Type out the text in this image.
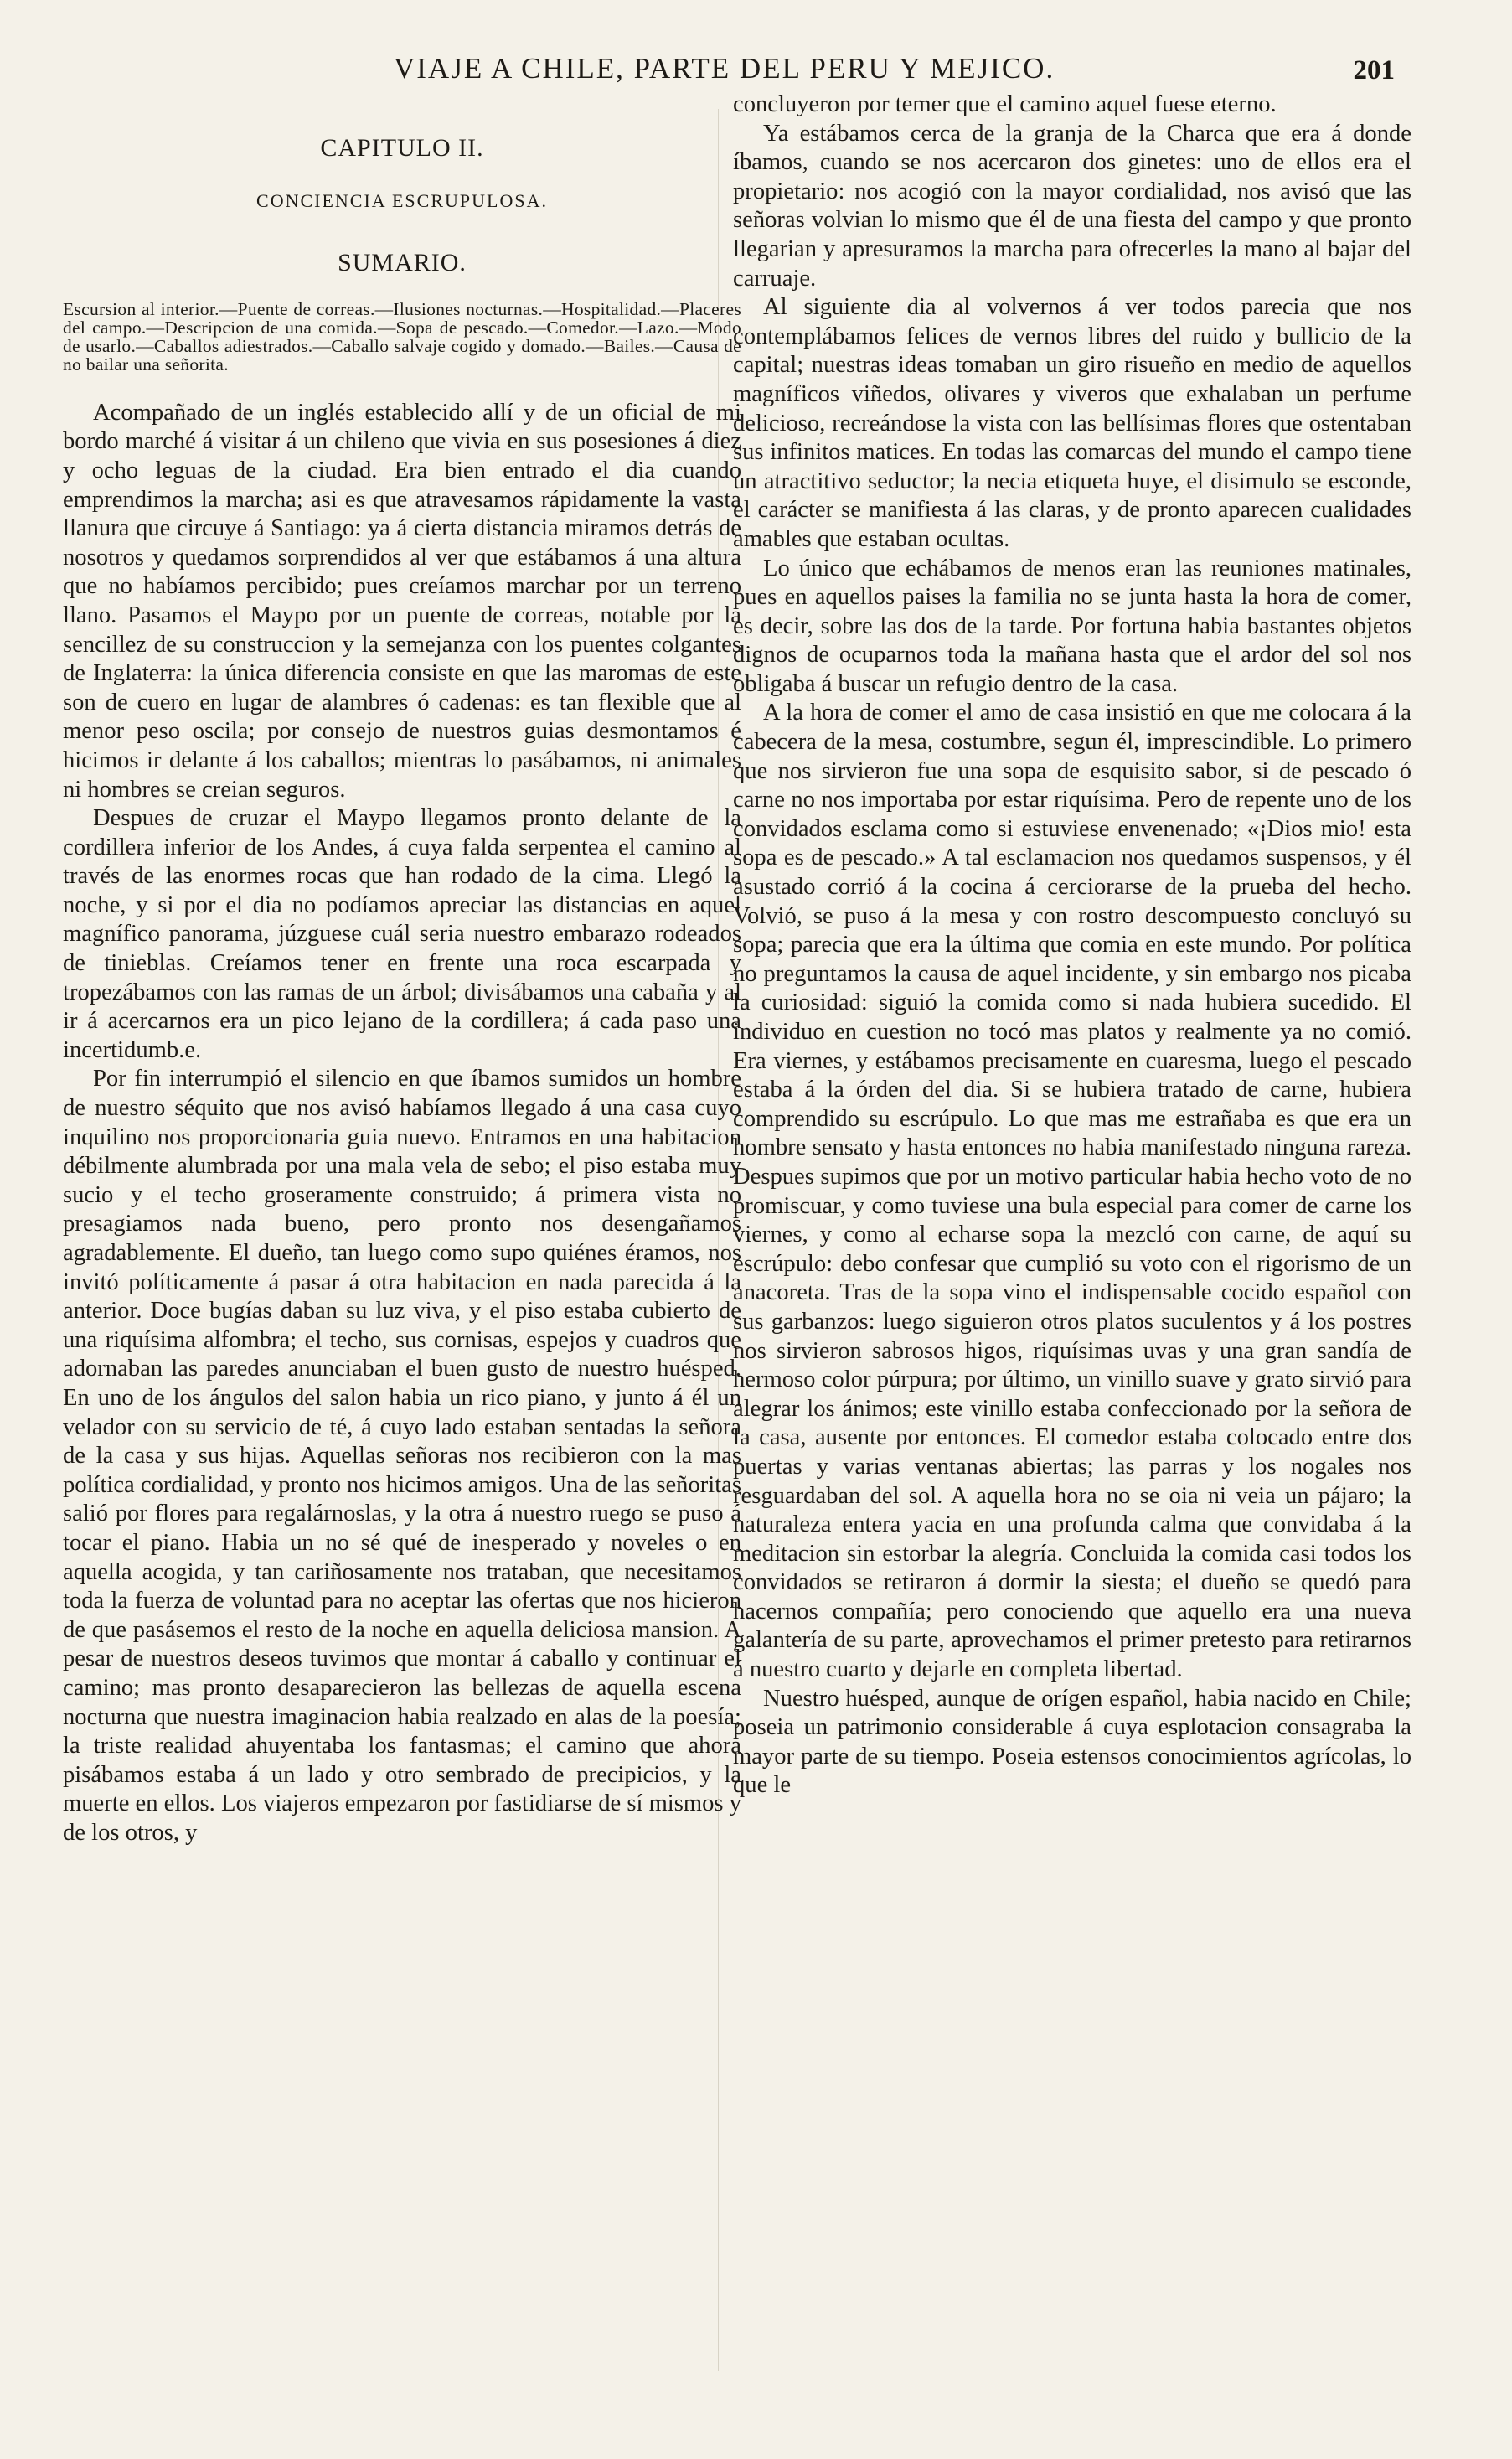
VIAJE A CHILE, PARTE DEL PERU Y MEJICO.	201
CAPITULO II.
CONCIENCIA ESCRUPULOSA.
SUMARIO.

Escursion al interior.—Puente de correas.—Ilusiones nocturnas.—Hospitalidad.—Placeres del campo.—Descripcion de una comida.—Sopa de pescado.—Comedor.—Lazo.—Modo de usarlo.—Caballos adiestrados.—Caballo salvaje cogido y domado.—Bailes.—Causa de no bailar una señorita.

Acompañado de un inglés establecido allí y de un oficial de mi bordo marché á visitar á un chileno que vivia en sus posesiones á diez y ocho leguas de la ciudad. Era bien entrado el dia cuando emprendimos la marcha; asi es que atravesamos rápidamente la vasta llanura que circuye á Santiago: ya á cierta distancia miramos detrás de nosotros y quedamos sorprendidos al ver que estábamos á una altura que no habíamos percibido; pues creíamos marchar por un terreno llano. Pasamos el Maypo por un puente de correas, notable por la sencillez de su construccion y la semejanza con los puentes colgantes de Inglaterra: la única diferencia consiste en que las maromas de este son de cuero en lugar de alambres ó cadenas: es tan flexible que al menor peso oscila; por consejo de nuestros guias desmontamos é hicimos ir delante á los caballos; mientras lo pasábamos, ni animales ni hombres se creian seguros.

Despues de cruzar el Maypo llegamos pronto delante de la cordillera inferior de los Andes, á cuya falda serpentea el camino al través de las enormes rocas que han rodado de la cima. Llegó la noche, y si por el dia no podíamos apreciar las distancias en aquel magnífico panorama, júzguese cuál seria nuestro embarazo rodeados de tinieblas. Creíamos tener en frente una roca escarpada y tropezábamos con las ramas de un árbol; divisábamos una cabaña y al ir á acercarnos era un pico lejano de la cordillera; á cada paso una incertidumb.e.

Por fin interrumpió el silencio en que íbamos sumidos un hombre de nuestro séquito que nos avisó habíamos llegado á una casa cuyo inquilino nos proporcionaria guia nuevo. Entramos en una habitacion débilmente alumbrada por una mala vela de sebo; el piso estaba muy sucio y el techo groseramente construido; á primera vista no presagiamos nada bueno, pero pronto nos desengañamos agradablemente. El dueño, tan luego como supo quiénes éramos, nos invitó políticamente á pasar á otra habitacion en nada parecida á la anterior. Doce bugías daban su luz viva, y el piso estaba cubierto de una riquísima alfombra; el techo, sus cornisas, espejos y cuadros que adornaban las paredes anunciaban el buen gusto de nuestro huésped. En uno de los ángulos del salon habia un rico piano, y junto á él un velador con su servicio de té, á cuyo lado estaban sentadas la señora de la casa y sus hijas. Aquellas señoras nos recibieron con la mas política cordialidad, y pronto nos hicimos amigos. Una de las señoritas salió por flores para regalárnoslas, y la otra á nuestro ruego se puso á tocar el piano. Habia un no sé qué de inesperado y noveles o en aquella acogida, y tan cariñosamente nos trataban, que necesitamos toda la fuerza de voluntad para no aceptar las ofertas que nos hicieron de que pasásemos el resto de la noche en aquella deliciosa mansion. A pesar de nuestros deseos tuvimos que montar á caballo y continuar el camino; mas pronto desaparecieron las bellezas de aquella escena nocturna que nuestra imaginacion habia realzado en alas de la poesía; la triste realidad ahuyentaba los fantasmas; el camino que ahora pisábamos estaba á un lado y otro sembrado de precipicios, y la muerte en ellos. Los viajeros empezaron por fastidiarse de sí mismos y de los otros, y

concluyeron por temer que el camino aquel fuese eterno.

Ya estábamos cerca de la granja de la Charca que era á donde íbamos, cuando se nos acercaron dos ginetes: uno de ellos era el propietario: nos acogió con la mayor cordialidad, nos avisó que las señoras volvian lo mismo que él de una fiesta del campo y que pronto llegarian y apresuramos la marcha para ofrecerles la mano al bajar del carruaje.

Al siguiente dia al volvernos á ver todos parecia que nos contemplábamos felices de vernos libres del ruido y bullicio de la capital; nuestras ideas tomaban un giro risueño en medio de aquellos magníficos viñedos, olivares y viveros que exhalaban un perfume delicioso, recreándose la vista con las bellísimas flores que ostentaban sus infinitos matices. En todas las comarcas del mundo el campo tiene un atractitivo seductor; la necia etiqueta huye, el disimulo se esconde, el carácter se manifiesta á las claras, y de pronto aparecen cualidades amables que estaban ocultas.

Lo único que echábamos de menos eran las reuniones matinales, pues en aquellos paises la familia no se junta hasta la hora de comer, es decir, sobre las dos de la tarde. Por fortuna habia bastantes objetos dignos de ocuparnos toda la mañana hasta que el ardor del sol nos obligaba á buscar un refugio dentro de la casa.

A la hora de comer el amo de casa insistió en que me colocara á la cabecera de la mesa, costumbre, segun él, imprescindible. Lo primero que nos sirvieron fue una sopa de esquisito sabor, si de pescado ó carne no nos importaba por estar riquísima. Pero de repente uno de los convidados esclama como si estuviese envenenado; «¡Dios mio! esta sopa es de pescado.» A tal esclamacion nos quedamos suspensos, y él asustado corrió á la cocina á cerciorarse de la prueba del hecho. Volvió, se puso á la mesa y con rostro descompuesto concluyó su sopa; parecia que era la última que comia en este mundo. Por política no preguntamos la causa de aquel incidente, y sin embargo nos picaba la curiosidad: siguió la comida como si nada hubiera sucedido. El individuo en cuestion no tocó mas platos y realmente ya no comió. Era viernes, y estábamos precisamente en cuaresma, luego el pescado estaba á la órden del dia. Si se hubiera tratado de carne, hubiera comprendido su escrúpulo. Lo que mas me estrañaba es que era un hombre sensato y hasta entonces no habia manifestado ninguna rareza. Despues supimos que por un motivo particular habia hecho voto de no promiscuar, y como tuviese una bula especial para comer de carne los viernes, y como al echarse sopa la mezcló con carne, de aquí su escrúpulo: debo confesar que cumplió su voto con el rigorismo de un anacoreta. Tras de la sopa vino el indispensable cocido español con sus garbanzos: luego siguieron otros platos suculentos y á los postres nos sirvieron sabrosos higos, riquísimas uvas y una gran sandía de hermoso color púrpura; por último, un vinillo suave y grato sirvió para alegrar los ánimos; este vinillo estaba confeccionado por la señora de la casa, ausente por entonces. El comedor estaba colocado entre dos puertas y varias ventanas abiertas; las parras y los nogales nos resguardaban del sol. A aquella hora no se oia ni veia un pájaro; la naturaleza entera yacia en una profunda calma que convidaba á la meditacion sin estorbar la alegría. Concluida la comida casi todos los convidados se retiraron á dormir la siesta; el dueño se quedó para hacernos compañía; pero conociendo que aquello era una nueva galantería de su parte, aprovechamos el primer pretesto para retirarnos á nuestro cuarto y dejarle en completa libertad.

Nuestro huésped, aunque de orígen español, habia nacido en Chile; poseia un patrimonio considerable á cuya esplotacion consagraba la mayor parte de su tiempo. Poseia estensos conocimientos agrícolas, lo que le
